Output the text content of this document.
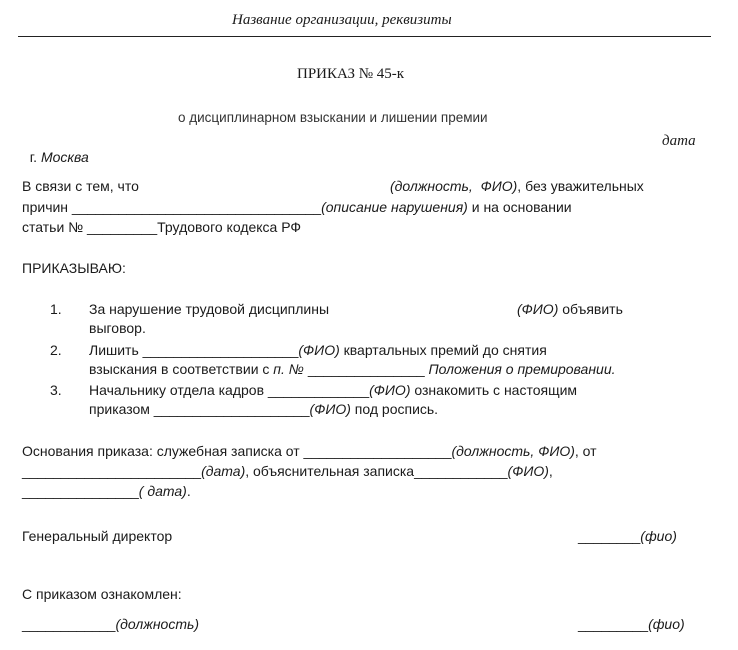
Название организации, реквизиты
ПРИКАЗ № 45-к
о дисциплинарном взыскании и лишении премии

г. Москва

дата
В связи с тем, что	(должность,  ФИО), без уважительных
причин ________________________________(описание нарушения) и на основании
статьи № _________Трудового кодекса РФ
ПРИКАЗЫВАЮ:
1. За нарушение трудовой дисциплины	(ФИО) объявить
выговор.
2. Лишить ____________________(ФИО) квартальных премий до снятия
взыскания в соответствии с п. № _______________ Положения о премировании.
3. Начальнику отдела кадров _____________(ФИО) ознакомить с настоящим
приказом ____________________(ФИО) под роспись.
Основания приказа: служебная записка от ___________________(должность, ФИО), от
_______________________(дата), объяснительная записка____________(ФИО),
_______________( дата).
Генеральный директор	________(фио)
С приказом ознакомлен:
____________(должность)	_________(фио)
